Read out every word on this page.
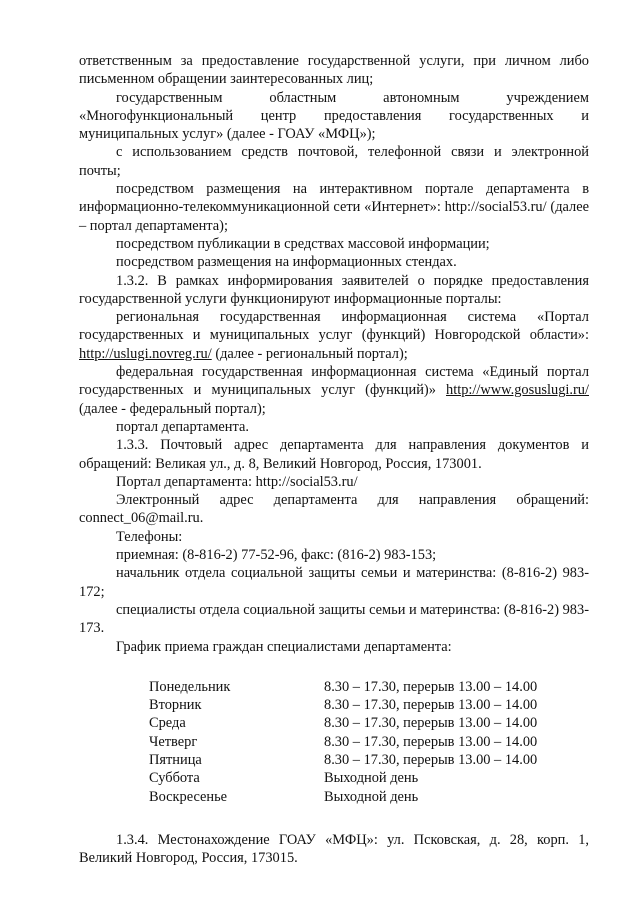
ответственным за предоставление государственной услуги, при личном либо письменном обращении заинтересованных лиц;

государственным областным автономным учреждением «Многофункциональный центр предоставления государственных и муниципальных услуг» (далее - ГОАУ «МФЦ»);

с использованием средств почтовой, телефонной связи и электронной почты;

посредством размещения на интерактивном портале департамента в информационно-телекоммуникационной сети «Интернет»: http://social53.ru/ (далее – портал департамента);

посредством публикации в средствах массовой информации;

посредством размещения на информационных стендах.

1.3.2. В рамках информирования заявителей о порядке предоставления государственной услуги функционируют информационные порталы:

региональная государственная информационная система «Портал государственных и муниципальных услуг (функций) Новгородской области»: http://uslugi.novreg.ru/ (далее - региональный портал);

федеральная государственная информационная система «Единый портал государственных и муниципальных услуг (функций)» http://www.gosuslugi.ru/ (далее - федеральный портал);

портал департамента.

1.3.3. Почтовый адрес департамента для направления документов и обращений: Великая ул., д. 8, Великий Новгород, Россия, 173001.

Портал департамента: http://social53.ru/

Электронный адрес департамента для направления обращений: connect_06@mail.ru.

Телефоны:

приемная: (8-816-2) 77-52-96, факс: (816-2) 983-153;

начальник отдела социальной защиты семьи и материнства: (8-816-2) 983-172;

специалисты отдела социальной защиты семьи и материнства: (8-816-2) 983-173.

График приема граждан специалистами департамента:

Понедельник	8.30 – 17.30, перерыв 13.00 – 14.00
Вторник	8.30 – 17.30, перерыв 13.00 – 14.00
Среда	8.30 – 17.30, перерыв 13.00 – 14.00
Четверг	8.30 – 17.30, перерыв 13.00 – 14.00
Пятница	8.30 – 17.30, перерыв 13.00 – 14.00
Суббота	Выходной день
Воскресенье	Выходной день

1.3.4. Местонахождение ГОАУ «МФЦ»: ул. Псковская, д. 28, корп. 1, Великий Новгород, Россия, 173015.
